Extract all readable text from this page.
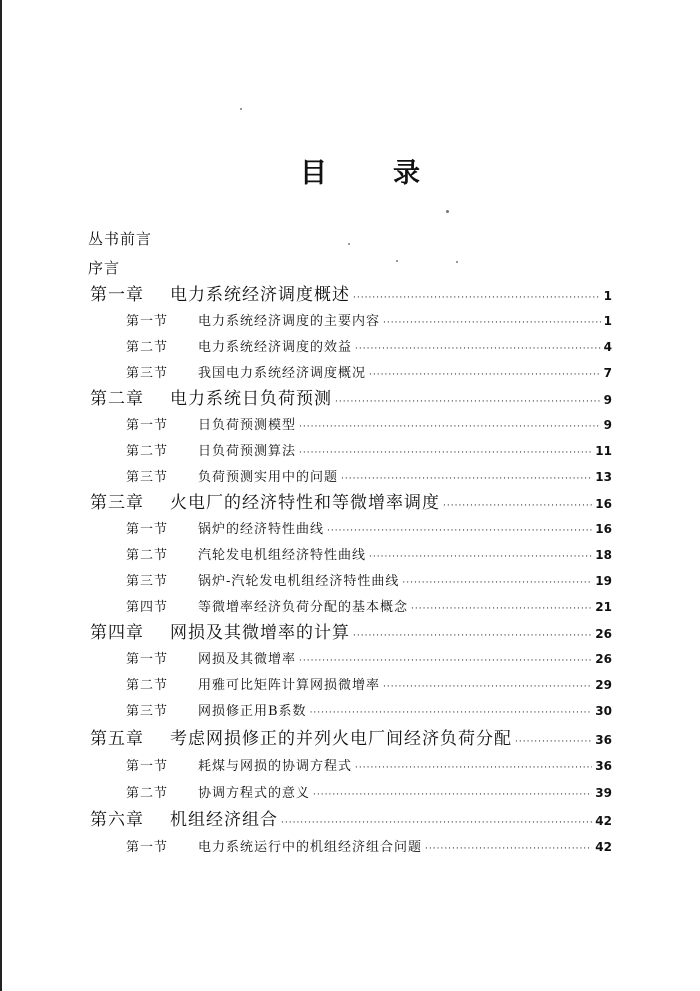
目 录
丛书前言
序言
第一章	电力系统经济调度概述 ·····	1
第一节	电力系统经济调度的主要内容 ·····	1
第二节	电力系统经济调度的效益 ·····	4
第三节	我国电力系统经济调度概况 ·····	7
第二章	电力系统日负荷预测 ·····	9
第一节	日负荷预测模型 ·····	9
第二节	日负荷预测算法 ·····	11
第三节	负荷预测实用中的问题 ·····	13
第三章	火电厂的经济特性和等微增率调度 ·····	16
第一节	锅炉的经济特性曲线 ·····	16
第二节	汽轮发电机组经济特性曲线 ·····	18
第三节	锅炉-汽轮发电机组经济特性曲线 ·····	19
第四节	等微增率经济负荷分配的基本概念 ·····	21
第四章	网损及其微增率的计算 ·····	26
第一节	网损及其微增率 ·····	26
第二节	用雅可比矩阵计算网损微增率 ·····	29
第三节	网损修正用B系数 ·····	30
第五章	考虑网损修正的并列火电厂间经济负荷分配 ·····	36
第一节	耗煤与网损的协调方程式 ·····	36
第二节	协调方程式的意义 ·····	39
第六章	机组经济组合 ·····	42
第一节	电力系统运行中的机组经济组合问题 ·····	42
